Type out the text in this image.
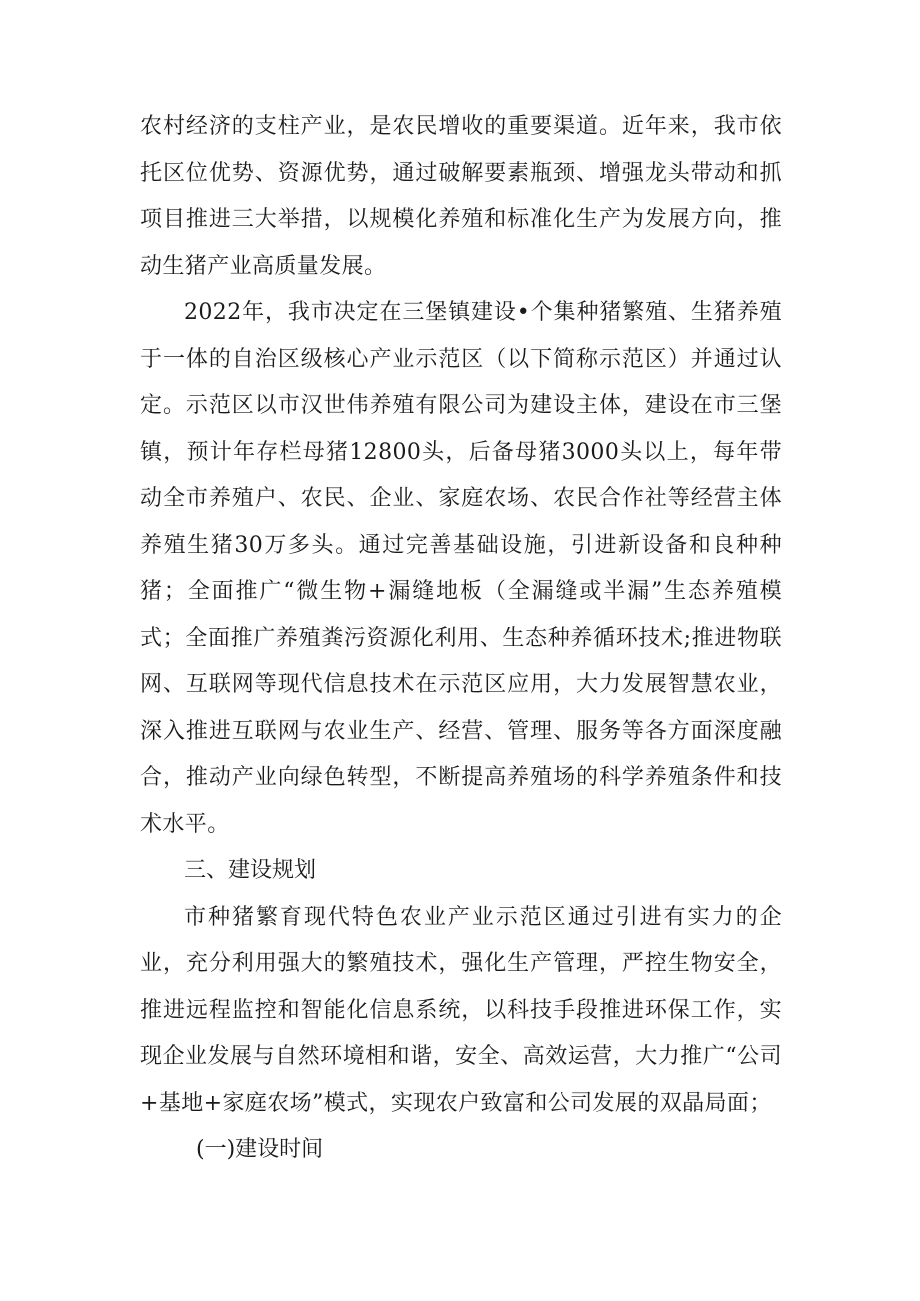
农村经济的支柱产业，是农民增收的重要渠道。近年来，我市依托区位优势、资源优势，通过破解要素瓶颈、增强龙头带动和抓项目推进三大举措，以规模化养殖和标准化生产为发展方向，推动生猪产业高质量发展。

2022年，我市决定在三堡镇建设•个集种猪繁殖、生猪养殖于一体的自治区级核心产业示范区（以下简称示范区）并通过认定。示范区以市汉世伟养殖有限公司为建设主体，建设在市三堡镇，预计年存栏母猪12800头，后备母猪3000头以上，每年带动全市养殖户、农民、企业、家庭农场、农民合作社等经营主体养殖生猪30万多头。通过完善基础设施，引进新设备和良种种猪；全面推广“微生物+漏缝地板（全漏缝或半漏”生态养殖模式；全面推广养殖粪污资源化利用、生态种养循环技术;推进物联网、互联网等现代信息技术在示范区应用，大力发展智慧农业，深入推进互联网与农业生产、经营、管理、服务等各方面深度融合，推动产业向绿色转型，不断提高养殖场的科学养殖条件和技术水平。

三、建设规划

市种猪繁育现代特色农业产业示范区通过引进有实力的企业，充分利用强大的繁殖技术，强化生产管理，严控生物安全，推进远程监控和智能化信息系统，以科技手段推进环保工作，实现企业发展与自然环境相和谐，安全、高效运营，大力推广“公司+基地+家庭农场”模式，实现农户致富和公司发展的双晶局面；

(一)建设时间
